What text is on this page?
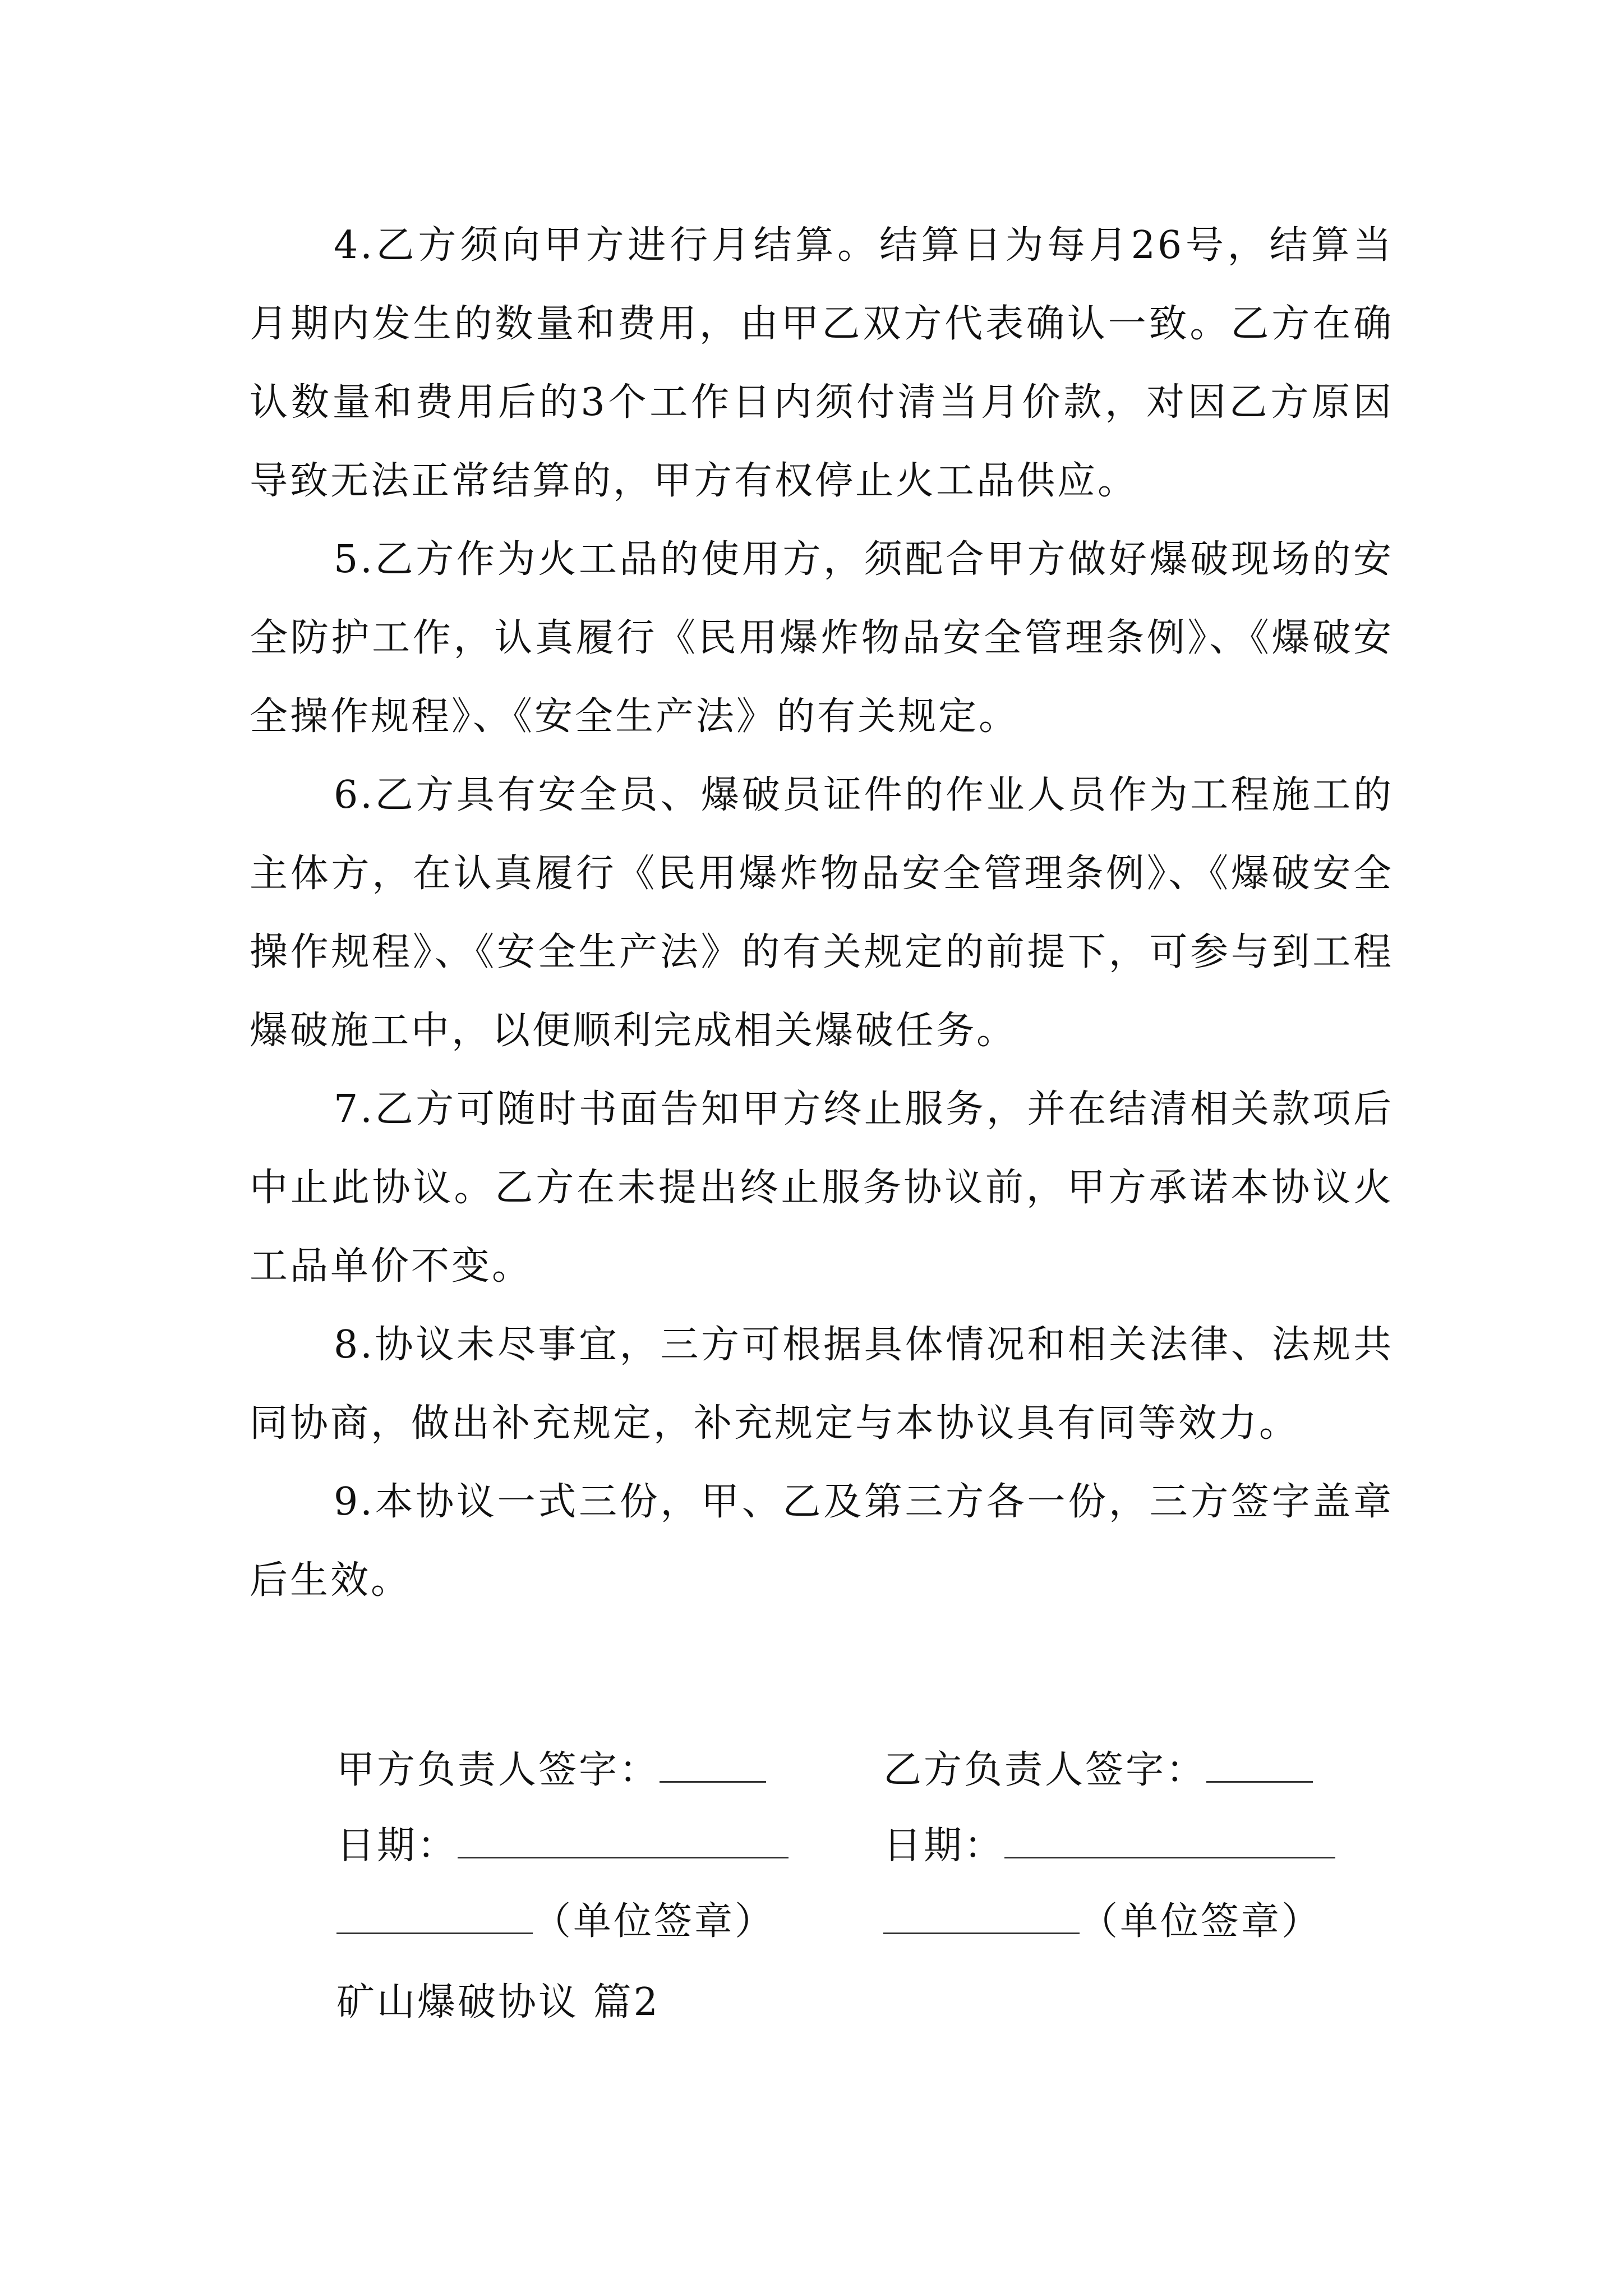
4.乙方须向甲方进行月结算。结算日为每月26号，结算当月期内发生的数量和费用，由甲乙双方代表确认一致。乙方在确认数量和费用后的3个工作日内须付清当月价款，对因乙方原因导致无法正常结算的，甲方有权停止火工品供应。

5.乙方作为火工品的使用方，须配合甲方做好爆破现场的安全防护工作，认真履行《民用爆炸物品安全管理条例》、《爆破安全操作规程》、《安全生产法》的有关规定。

6.乙方具有安全员、爆破员证件的作业人员作为工程施工的主体方，在认真履行《民用爆炸物品安全管理条例》、《爆破安全操作规程》、《安全生产法》的有关规定的前提下，可参与到工程爆破施工中，以便顺利完成相关爆破任务。

7.乙方可随时书面告知甲方终止服务，并在结清相关款项后中止此协议。乙方在未提出终止服务协议前，甲方承诺本协议火工品单价不变。

8.协议未尽事宜，三方可根据具体情况和相关法律、法规共同协商，做出补充规定，补充规定与本协议具有同等效力。

9.本协议一式三份，甲、乙及第三方各一份，三方签字盖章后生效。

甲方负责人签字：	乙方负责人签字：
日期：	日期：
（单位签章）	（单位签章）
矿山爆破协议 篇2
